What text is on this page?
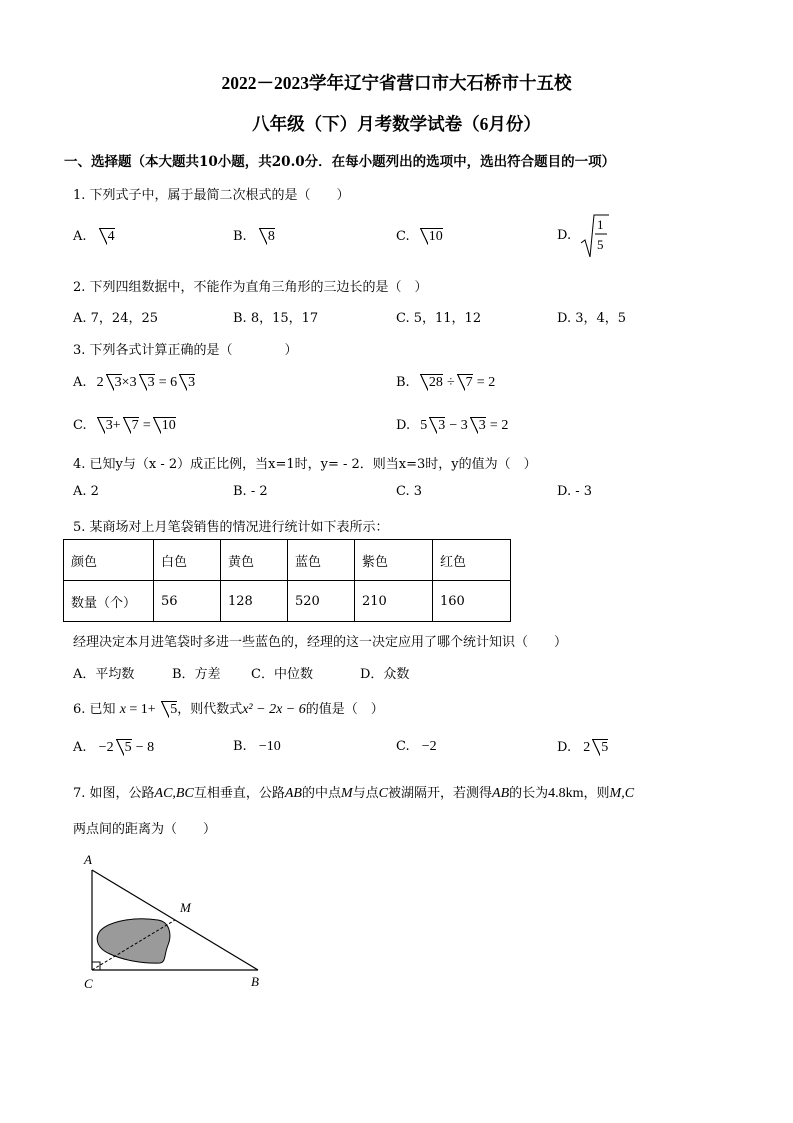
2022－2023学年辽宁省营口市大石桥市十五校
八年级（下）月考数学试卷（6月份）
一、选择题（本大题共10小题，共20.0分．在每小题列出的选项中，选出符合题目的一项）
1. 下列式子中，属于最简二次根式的是（　　）
A. 4	B. 8	C. 10	D.
1
5
2. 下列四组数据中，不能作为直角三角形的三边长的是（　）
A. 7，24，25	B. 8，15，17	C. 5，11，12	D. 3，4，5
3. 下列各式计算正确的是（　　　　）
A. 2 3×3 3 = 6 3	B. 28 ÷ 7 = 2
C. 3+ 7 = 10	D. 5 3 − 3 3 = 2
4. 已知y与（x - 2）成正比例，当x=1时，y= - 2．则当x=3时，y的值为（　）
A. 2	B. - 2	C. 3	D. - 3
5. 某商场对上月笔袋销售的情况进行统计如下表所示：
颜色	白色	黄色	蓝色	紫色	红色
数量（个）	56	128	520	210	160
经理决定本月进笔袋时多进一些蓝色的，经理的这一决定应用了哪个统计知识（　　）
A．平均数	B．方差 C．中位数	D．众数
6. 已知 x = 1+ 5，则代数式x² − 2x − 6的值是（　）
A. −2 5 − 8	B. −10	C. −2	D. 2 5
7. 如图，公路AC,BC互相垂直，公路AB的中点M与点C被湖隔开，若测得AB的长为4.8km，则M,C
两点间的距离为（　　）
A
M
C	B
